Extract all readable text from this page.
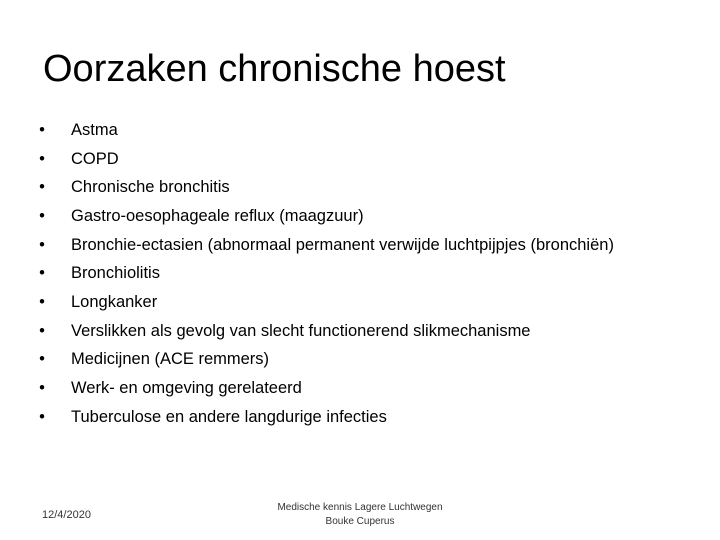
Oorzaken chronische hoest
• Astma
• COPD
• Chronische bronchitis
• Gastro-oesophageale reflux (maagzuur)
• Bronchie-ectasien (abnormaal permanent verwijde luchtpijpjes (bronchiën)
• Bronchiolitis
• Longkanker
• Verslikken als gevolg van slecht functionerend slikmechanisme
• Medicijnen (ACE remmers)
• Werk- en omgeving gerelateerd
• Tuberculose en andere langdurige infecties
12/4/2020
Medische kennis Lagere Luchtwegen
Bouke Cuperus
